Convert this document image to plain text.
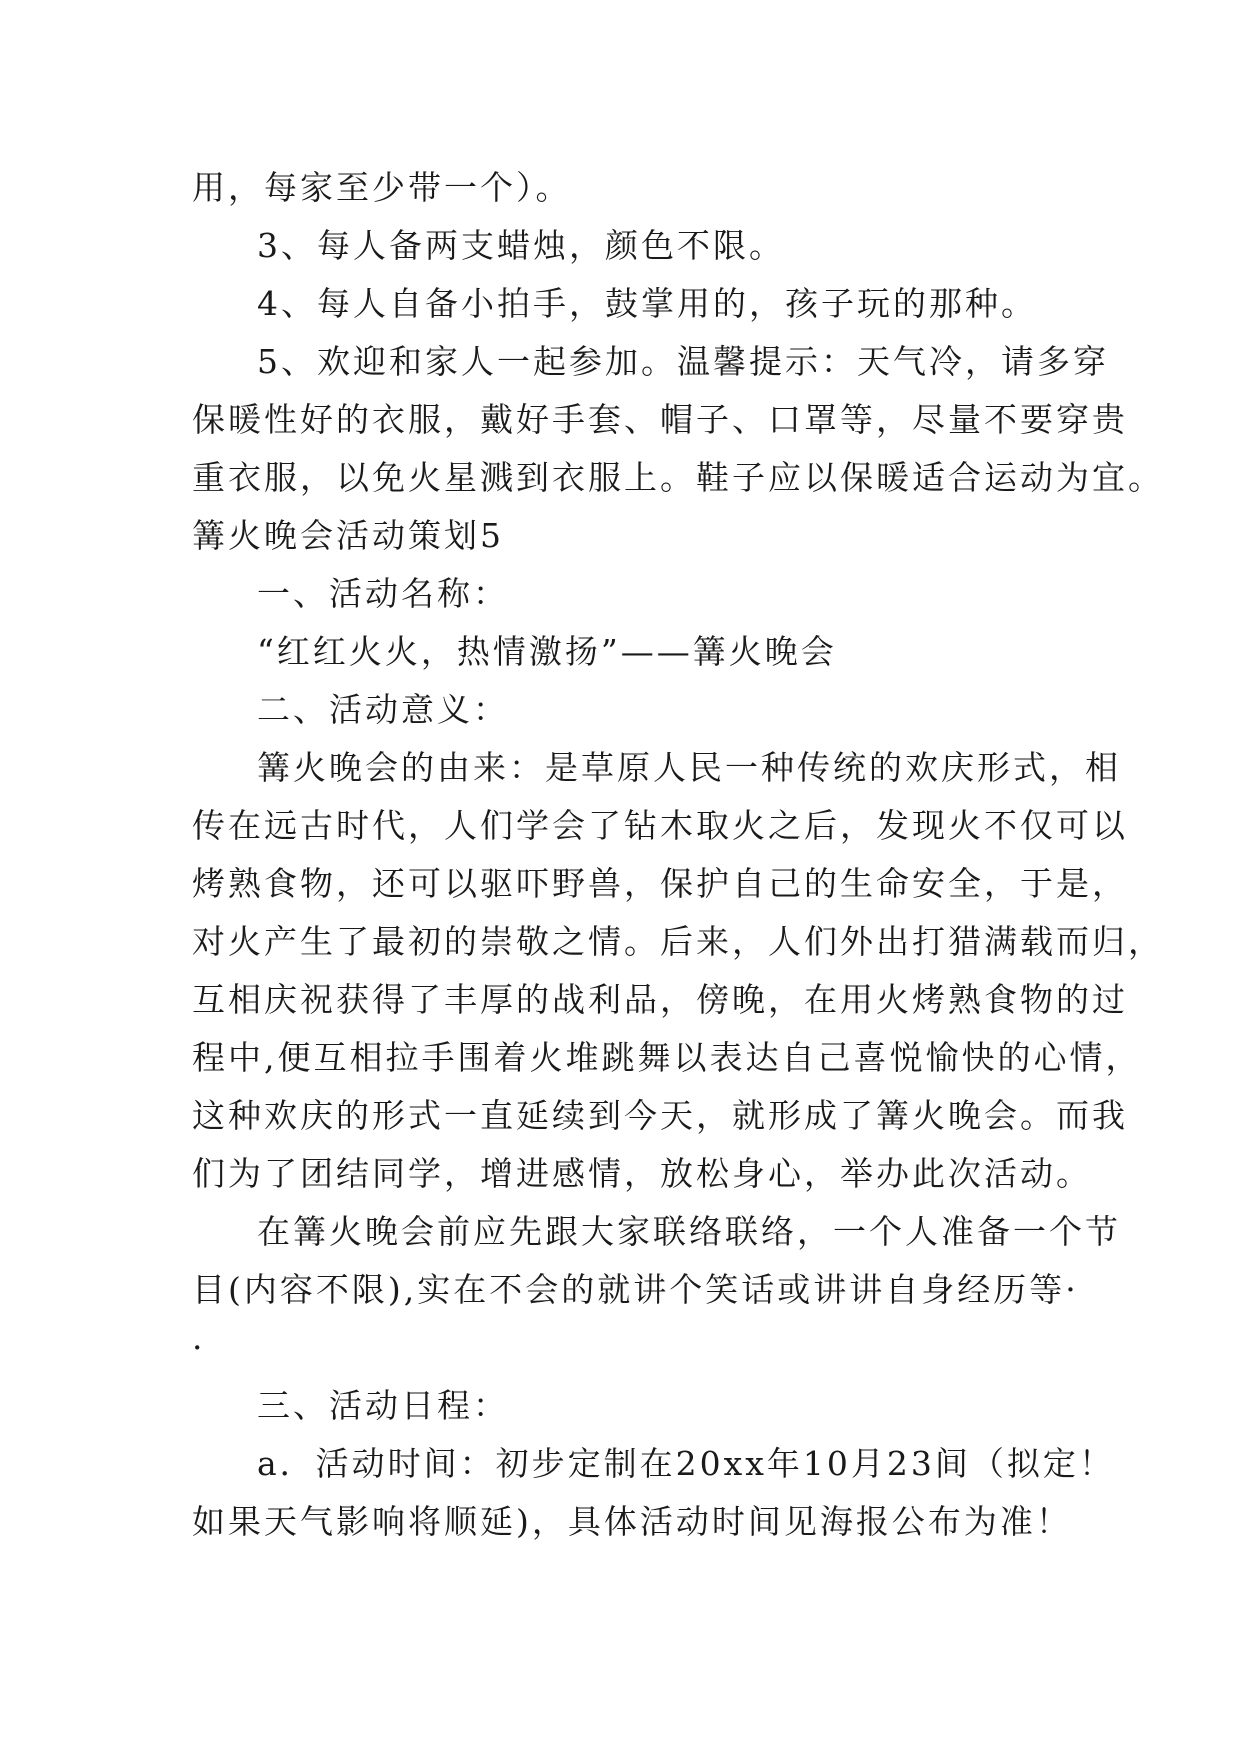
用，每家至少带一个）。
3、每人备两支蜡烛，颜色不限。
4、每人自备小拍手，鼓掌用的，孩子玩的那种。
5、欢迎和家人一起参加。温馨提示：天气冷，请多穿
保暖性好的衣服，戴好手套、帽子、口罩等，尽量不要穿贵
重衣服，以免火星溅到衣服上。鞋子应以保暖适合运动为宜。
篝火晚会活动策划5
一、活动名称：
“红红火火，热情激扬”——篝火晚会
二、活动意义：
篝火晚会的由来：是草原人民一种传统的欢庆形式，相
传在远古时代，人们学会了钻木取火之后，发现火不仅可以
烤熟食物，还可以驱吓野兽，保护自己的生命安全，于是，
对火产生了最初的崇敬之情。后来，人们外出打猎满载而归，
互相庆祝获得了丰厚的战利品，傍晚，在用火烤熟食物的过
程中,便互相拉手围着火堆跳舞以表达自己喜悦愉快的心情，
这种欢庆的形式一直延续到今天，就形成了篝火晚会。而我
们为了团结同学，增进感情，放松身心，举办此次活动。
在篝火晚会前应先跟大家联络联络，一个人准备一个节
目(内容不限),实在不会的就讲个笑话或讲讲自身经历等·
·
三、活动日程：
a．活动时间：初步定制在20xx年10月23间（拟定！
如果天气影响将顺延)，具体活动时间见海报公布为准！
